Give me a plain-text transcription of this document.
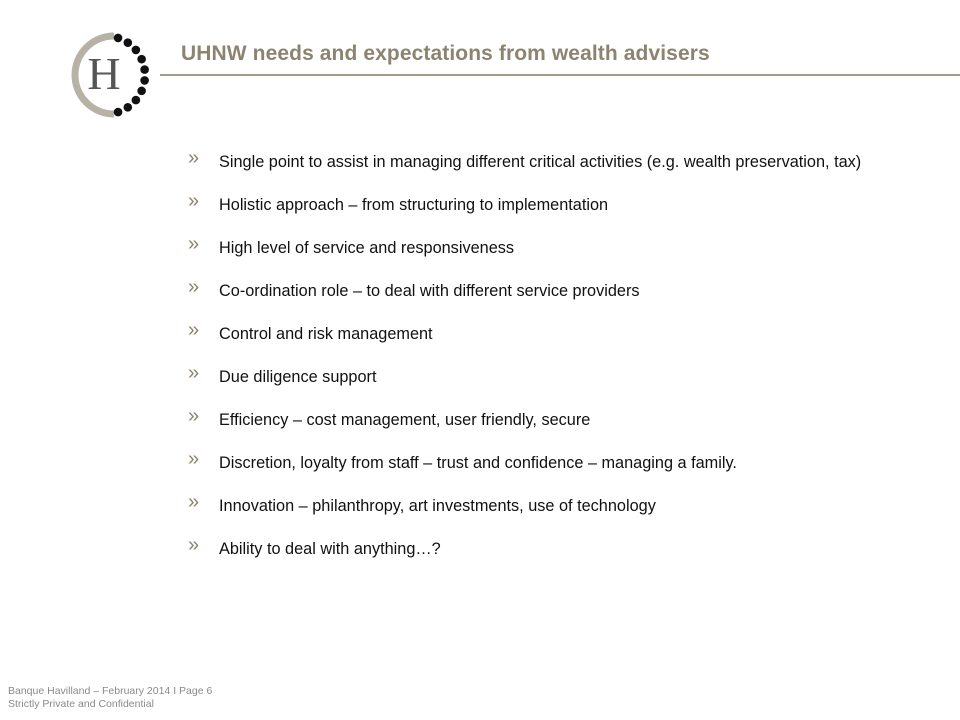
H	UHNW needs and expectations from wealth advisers
» Single point to assist in managing different critical activities (e.g. wealth preservation, tax)
» Holistic approach – from structuring to implementation
» High level of service and responsiveness
» Co-ordination role – to deal with different service providers
» Control and risk management
» Due diligence support
» Efficiency – cost management, user friendly, secure
» Discretion, loyalty from staff – trust and confidence – managing a family.
» Innovation – philanthropy, art investments, use of technology
» Ability to deal with anything…?
Banque Havilland – February 2014 I Page 6
Strictly Private and Confidential
